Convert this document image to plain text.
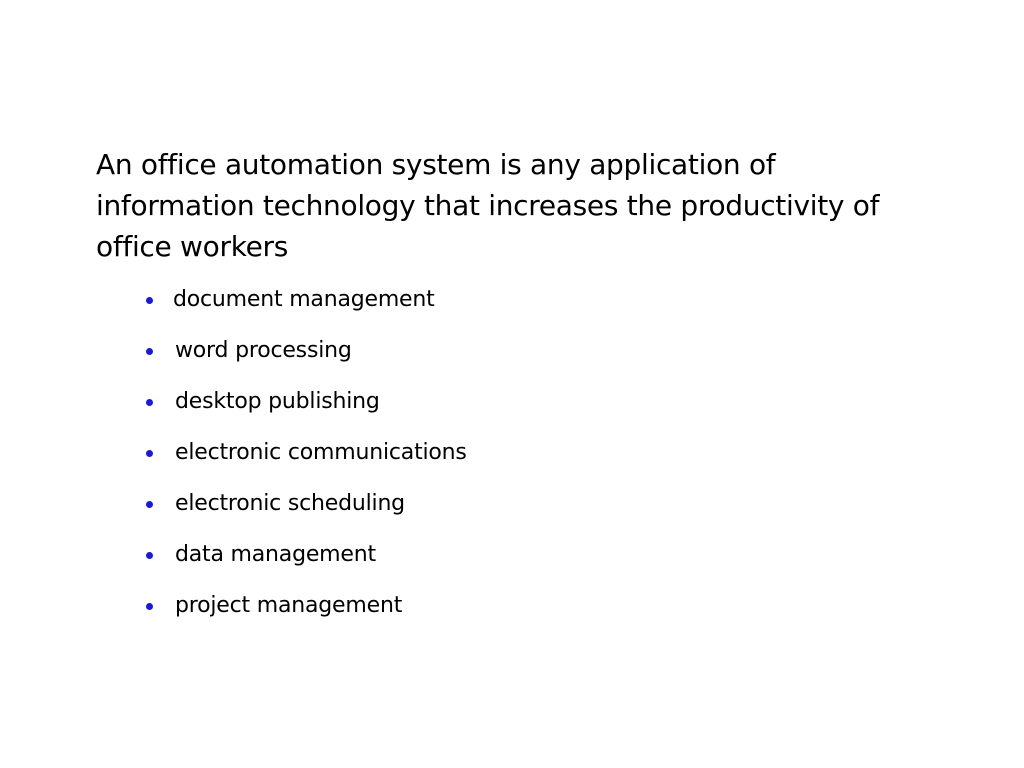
An office automation system is any application of information technology that increases the productivity of office workers

document management
word processing
desktop publishing
electronic communications
electronic scheduling
data management
project management
